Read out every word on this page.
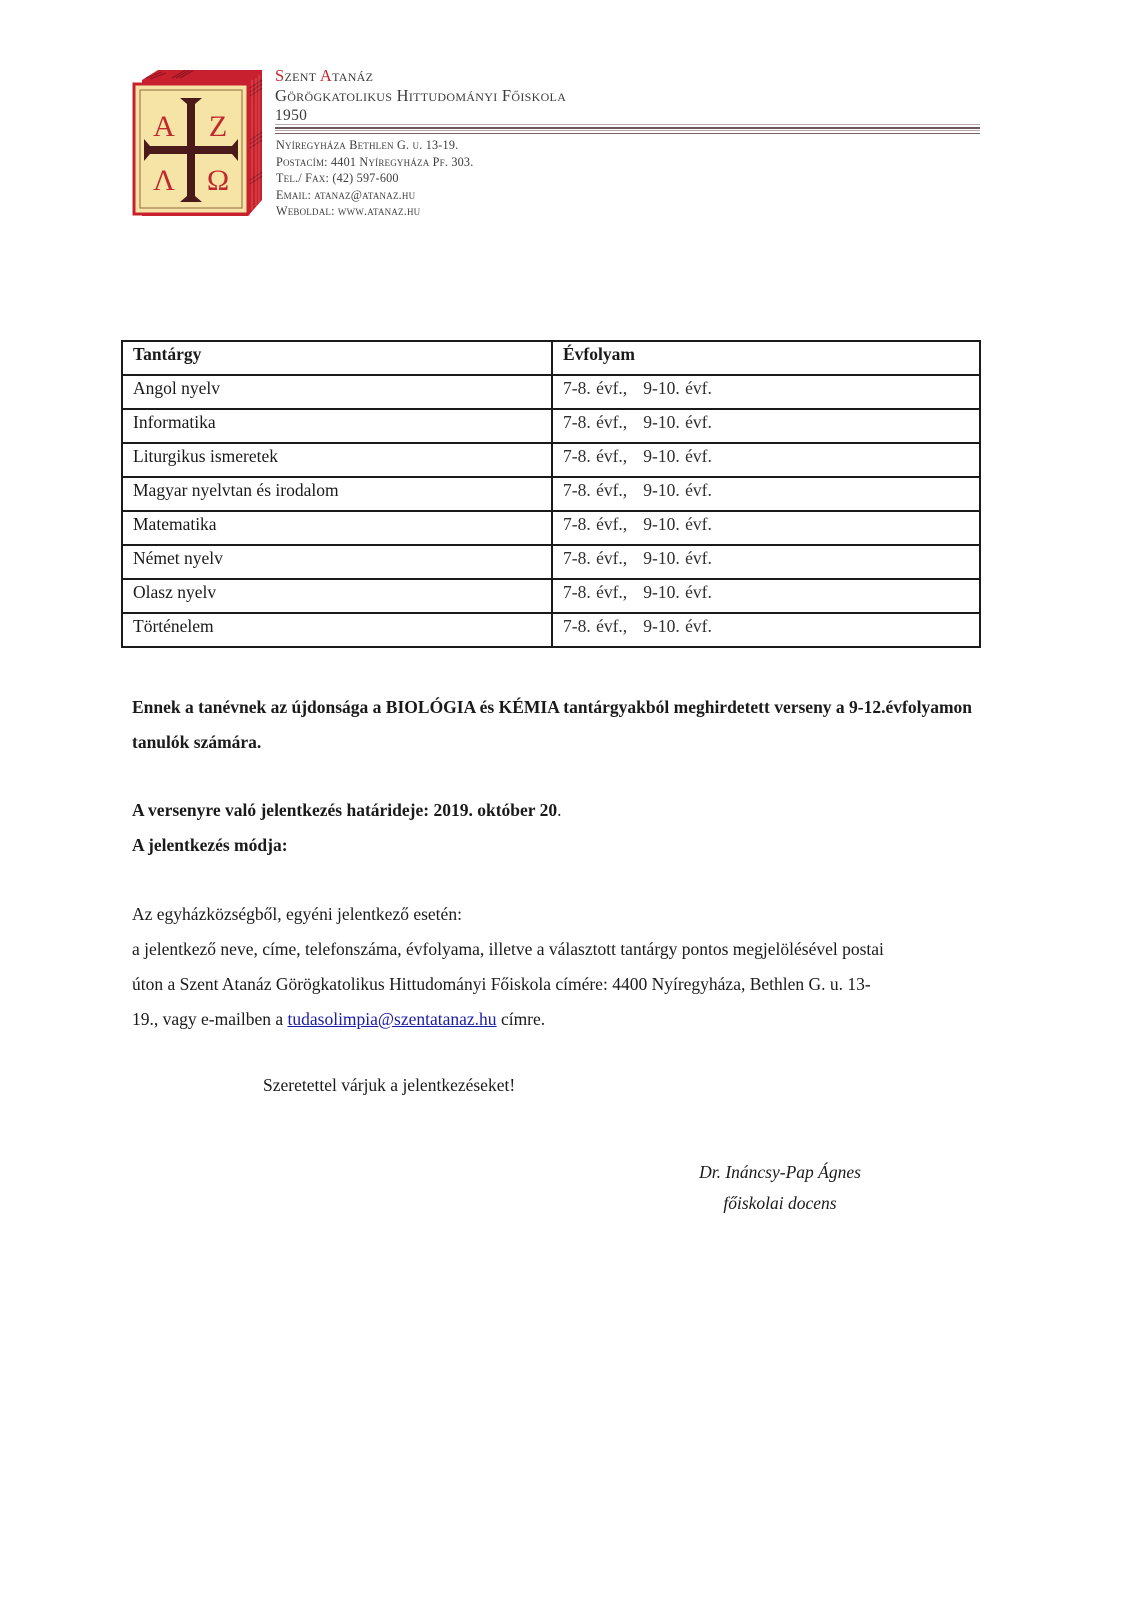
A Z
Λ Ω
Szent Atanáz
Görögkatolikus Hittudományi Főiskola
1950
Nyíregyháza Bethlen G. u. 13-19.
Postacím: 4401 Nyíregyháza Pf. 303.
Tel./ Fax: (42) 597-600
Email: atanaz@atanaz.hu
Weboldal: www.atanaz.hu
Tantárgy	Évfolyam
Angol nyelv	7-8. évf.,   9-10. évf.
Informatika	7-8. évf.,   9-10. évf.
Liturgikus ismeretek	7-8. évf.,   9-10. évf.
Magyar nyelvtan és irodalom	7-8. évf.,   9-10. évf.
Matematika	7-8. évf.,   9-10. évf.
Német nyelv	7-8. évf.,   9-10. évf.
Olasz nyelv	7-8. évf.,   9-10. évf.
Történelem	7-8. évf.,   9-10. évf.
Ennek a tanévnek az újdonsága a BIOLÓGIA és KÉMIA tantárgyakból meghirdetett verseny a 9-12.évfolyamon tanulók számára.
A versenyre való jelentkezés határideje: 2019. október 20.
A jelentkezés módja:
Az egyházközségből, egyéni jelentkező esetén:
a jelentkező neve, címe, telefonszáma, évfolyama, illetve a választott tantárgy pontos megjelölésével postai
úton a Szent Atanáz Görögkatolikus Hittudományi Főiskola címére: 4400 Nyíregyháza, Bethlen G. u. 13-
19., vagy e-mailben a tudasolimpia@szentatanaz.hu címre.
Szeretettel várjuk a jelentkezéseket!
Dr. Ináncsy-Pap Ágnes
főiskolai docens
